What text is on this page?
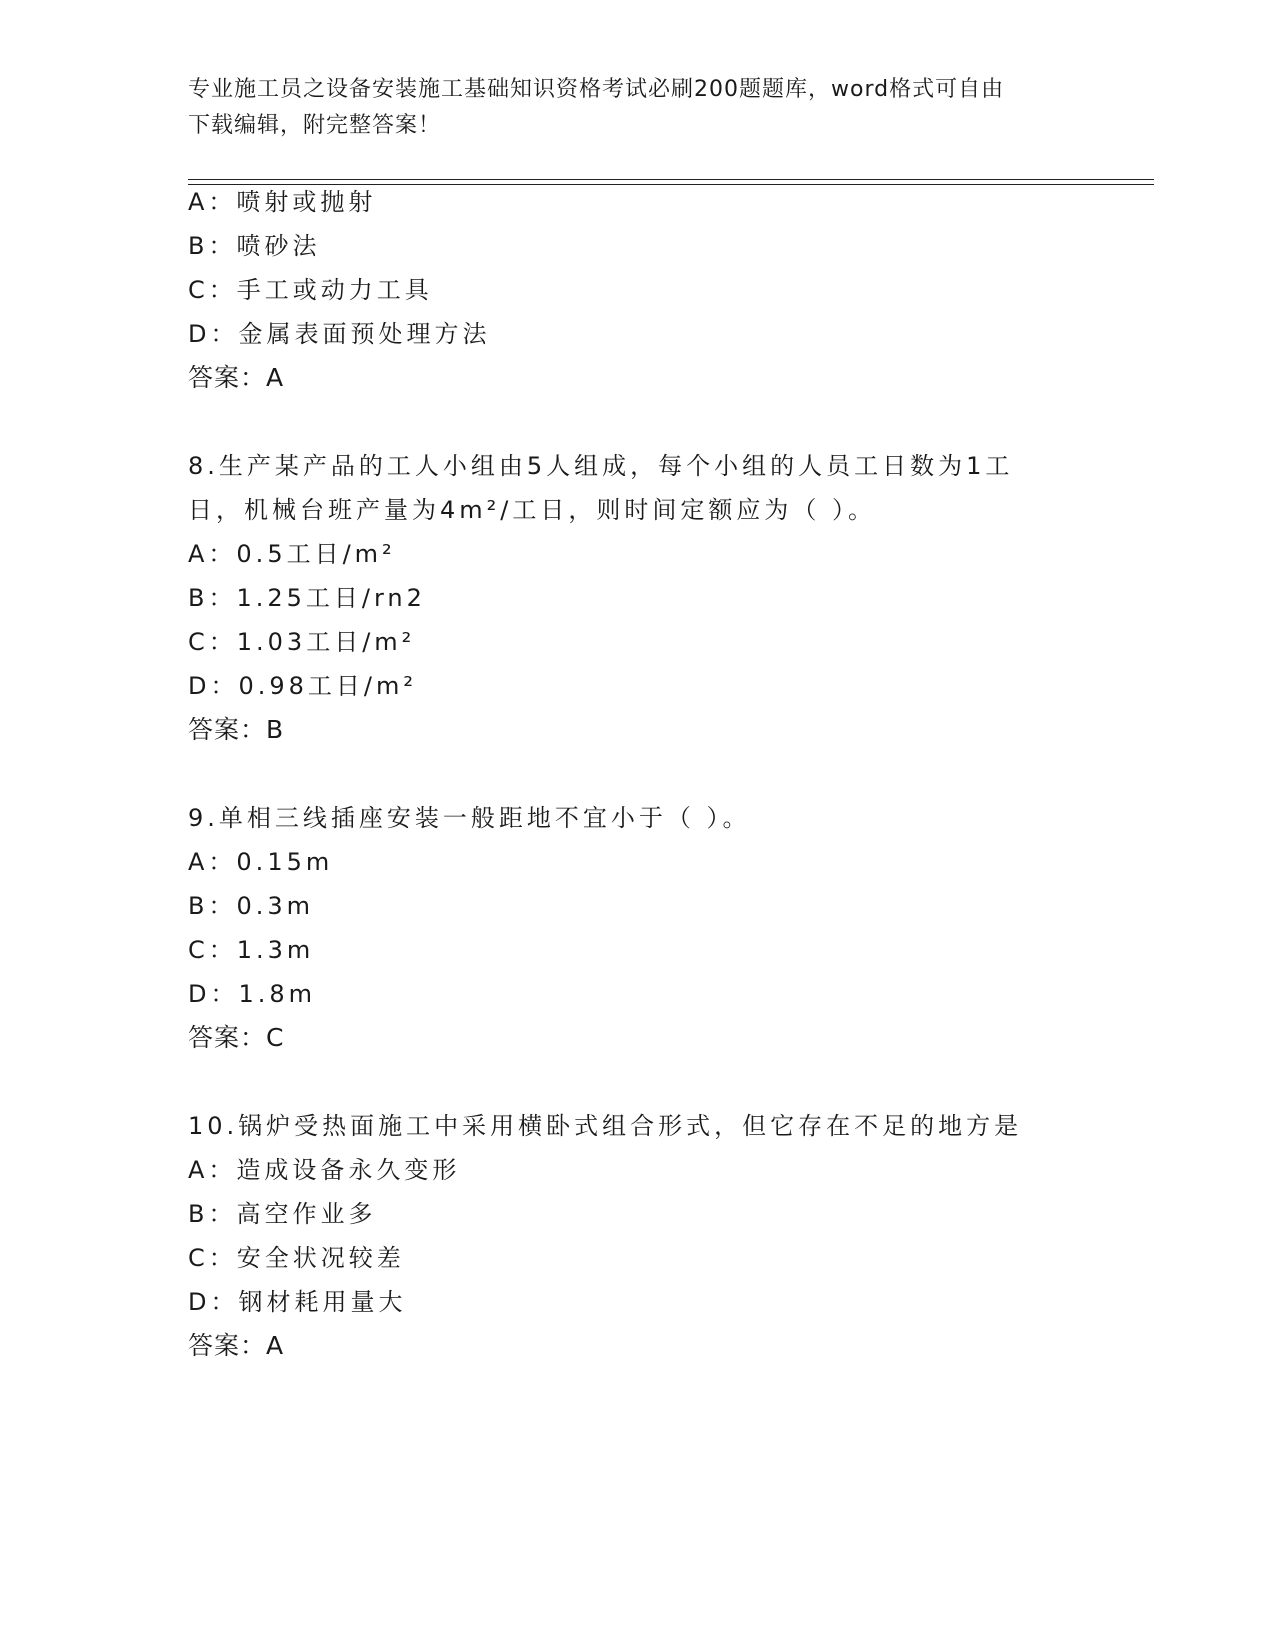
专业施工员之设备安装施工基础知识资格考试必刷200题题库，word格式可自由
下载编辑，附完整答案！
A：喷射或抛射
B：喷砂法
C：手工或动力工具
D：金属表面预处理方法
答案：A
8.生产某产品的工人小组由5人组成，每个小组的人员工日数为1工
日，机械台班产量为4m²/工日，则时间定额应为（ ）。
A：0.5工日/m²
B：1.25工日/rn2
C：1.03工日/m²
D：0.98工日/m²
答案：B
9.单相三线插座安装一般距地不宜小于（ ）。
A：0.15m
B：0.3m
C：1.3m
D：1.8m
答案：C
10.锅炉受热面施工中采用横卧式组合形式，但它存在不足的地方是
A：造成设备永久变形
B：高空作业多
C：安全状况较差
D：钢材耗用量大
答案：A
